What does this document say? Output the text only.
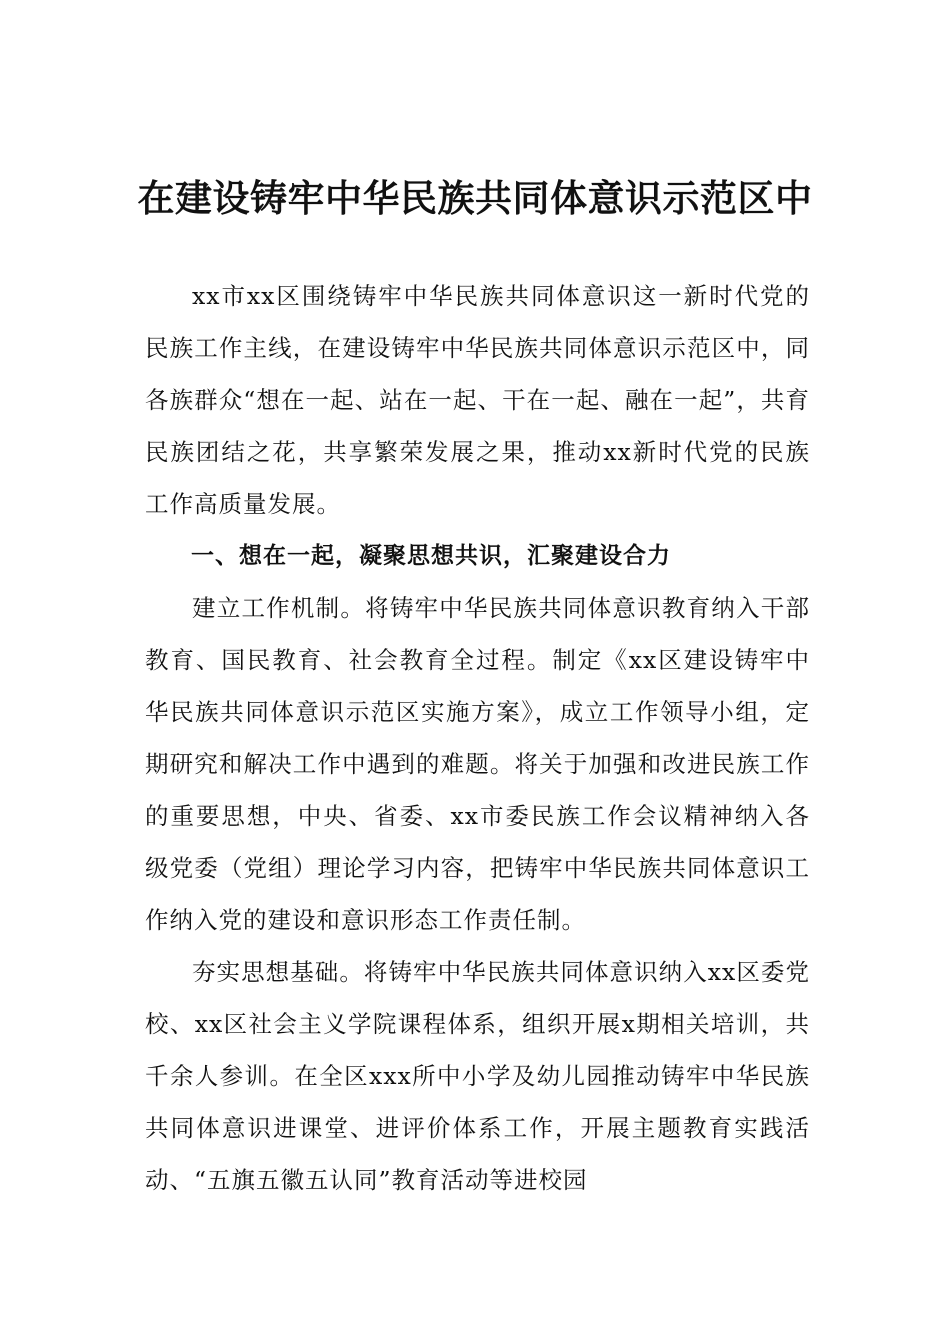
在建设铸牢中华民族共同体意识示范区中

xx市xx区围绕铸牢中华民族共同体意识这一新时代党的民族工作主线，在建设铸牢中华民族共同体意识示范区中，同各族群众“想在一起、站在一起、干在一起、融在一起”，共育民族团结之花，共享繁荣发展之果，推动xx新时代党的民族工作高质量发展。

一、想在一起，凝聚思想共识，汇聚建设合力

建立工作机制。将铸牢中华民族共同体意识教育纳入干部教育、国民教育、社会教育全过程。制定《xx区建设铸牢中华民族共同体意识示范区实施方案》，成立工作领导小组，定期研究和解决工作中遇到的难题。将关于加强和改进民族工作的重要思想，中央、省委、xx市委民族工作会议精神纳入各级党委（党组）理论学习内容，把铸牢中华民族共同体意识工作纳入党的建设和意识形态工作责任制。

夯实思想基础。将铸牢中华民族共同体意识纳入xx区委党校、xx区社会主义学院课程体系，组织开展x期相关培训，共千余人参训。在全区xxx所中小学及幼儿园推动铸牢中华民族共同体意识进课堂、进评价体系工作，开展主题教育实践活动、“五旗五徽五认同”教育活动等进校园
